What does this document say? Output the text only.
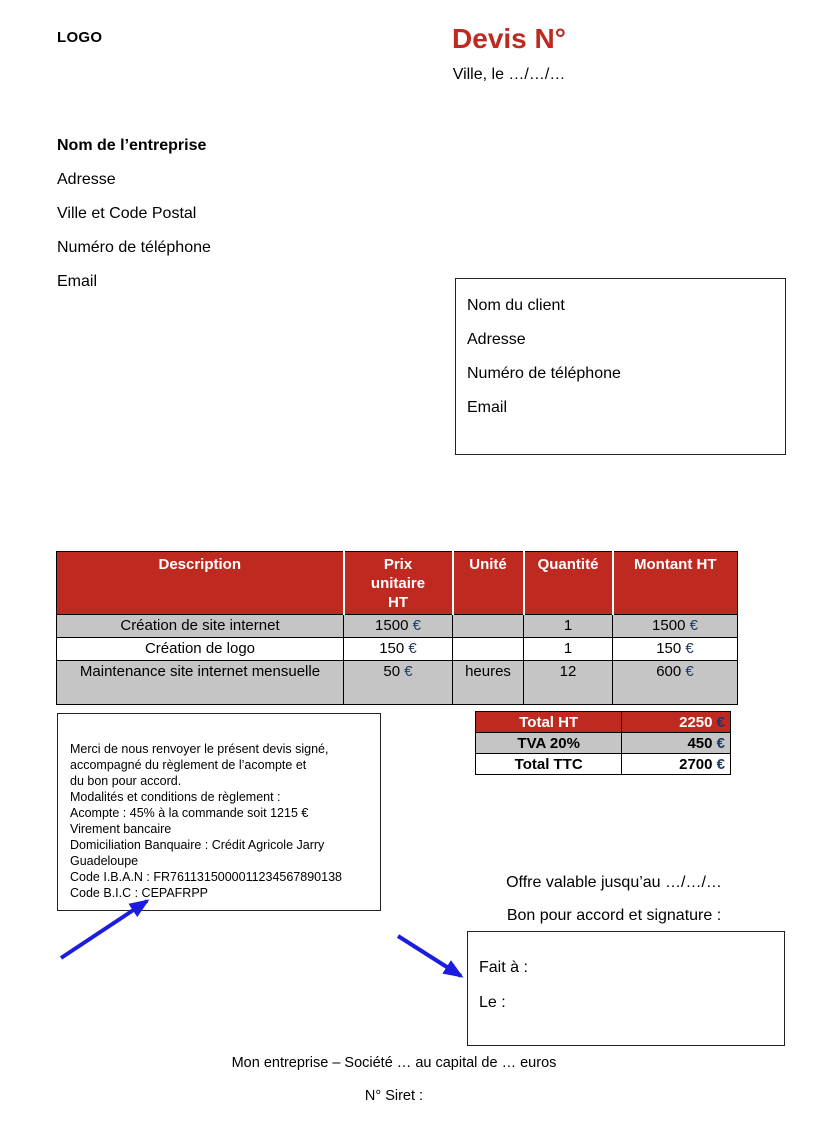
LOGO	Devis N°
Ville, le …/…/…
Nom de l’entreprise
Adresse
Ville et Code Postal
Numéro de téléphone
Email
Nom du client
Adresse
Numéro de téléphone
Email
Description	Prix unitaire HT	Unité	Quantité	Montant HT
Création de site internet	1500 €		1	1500 €
Création de logo	150 €		1	150 €
Maintenance site internet mensuelle	50 €	heures	12	600 €
Merci de nous renvoyer le présent devis signé,
accompagné du règlement de l’acompte et
du bon pour accord.
Modalités et conditions de règlement :
Acompte : 45% à la commande soit 1215 €
Virement bancaire
Domiciliation Banquaire : Crédit Agricole Jarry
Guadeloupe
Code I.B.A.N : FR7611315000011234567890138
Code B.I.C : CEPAFRPP
Total HT	2250 €
TVA 20%	450 €
Total TTC	2700 €
Offre valable jusqu’au …/…/…
Bon pour accord et signature :
Fait à :
Le :
Mon entreprise – Société … au capital de … euros
N° Siret :
